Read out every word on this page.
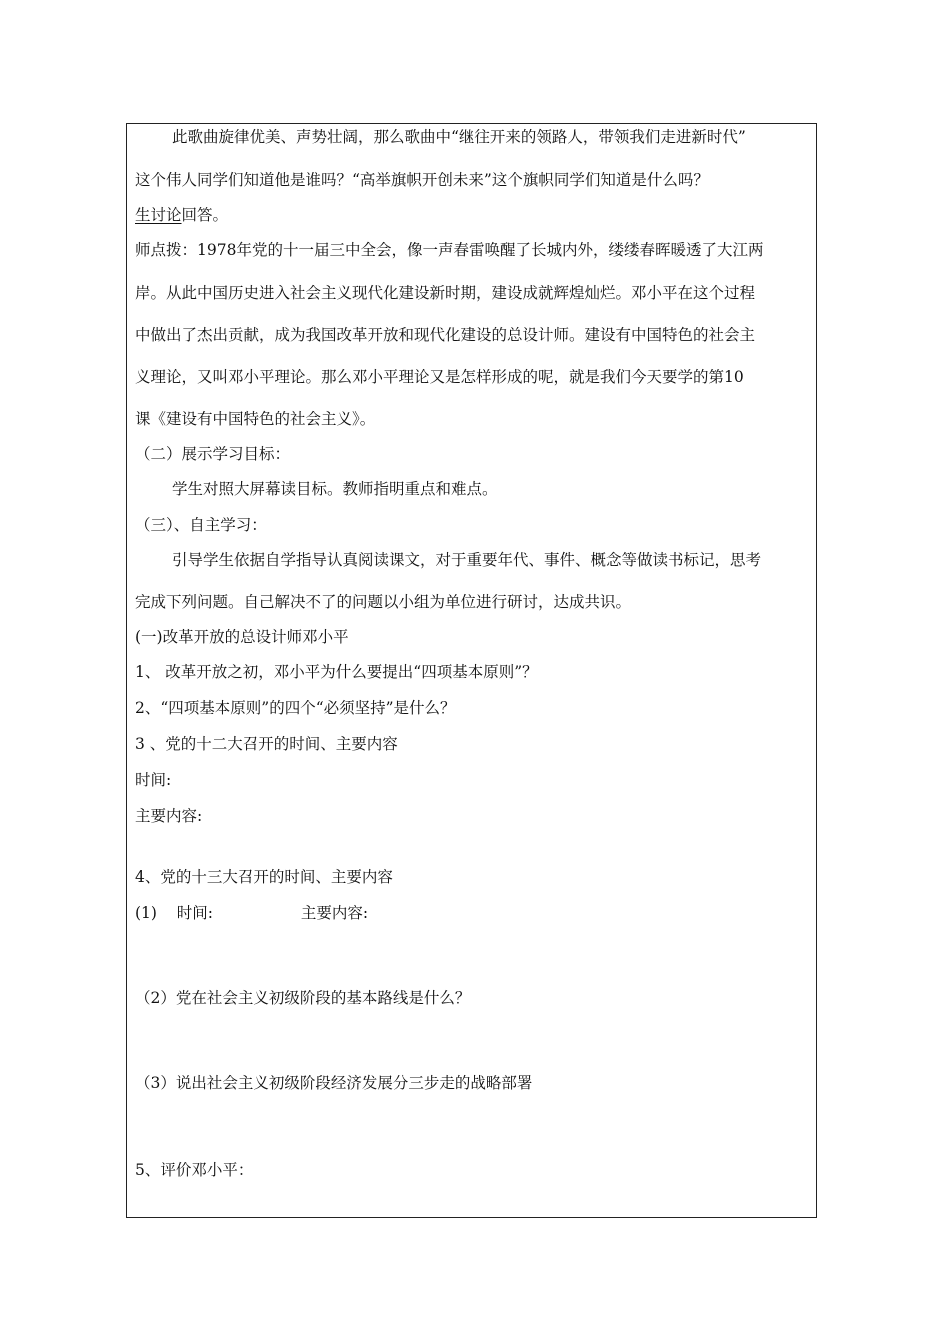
此歌曲旋律优美、声势壮阔，那么歌曲中“继往开来的领路人，带领我们走进新时代”
这个伟人同学们知道他是谁吗？“高举旗帜开创未来”这个旗帜同学们知道是什么吗？
生讨论回答。
师点拨：1978年党的十一届三中全会，像一声春雷唤醒了长城内外，缕缕春晖暖透了大江两
岸。从此中国历史进入社会主义现代化建设新时期，建设成就辉煌灿烂。邓小平在这个过程
中做出了杰出贡献，成为我国改革开放和现代化建设的总设计师。建设有中国特色的社会主
义理论，又叫邓小平理论。那么邓小平理论又是怎样形成的呢，就是我们今天要学的第10
课《建设有中国特色的社会主义》。
（二）展示学习目标：
学生对照大屏幕读目标。教师指明重点和难点。
（三）、自主学习：
引导学生依据自学指导认真阅读课文，对于重要年代、事件、概念等做读书标记，思考
完成下列问题。自己解决不了的问题以小组为单位进行研讨，达成共识。
(一)改革开放的总设计师邓小平
1、 改革开放之初，邓小平为什么要提出“四项基本原则”？
2、“四项基本原则”的四个“必须坚持”是什么？
3 、党的十二大召开的时间、主要内容
时间:
主要内容:
4、党的十三大召开的时间、主要内容
(1) 时间:	主要内容:
（2）党在社会主义初级阶段的基本路线是什么？
（3）说出社会主义初级阶段经济发展分三步走的战略部署
5、评价邓小平：
